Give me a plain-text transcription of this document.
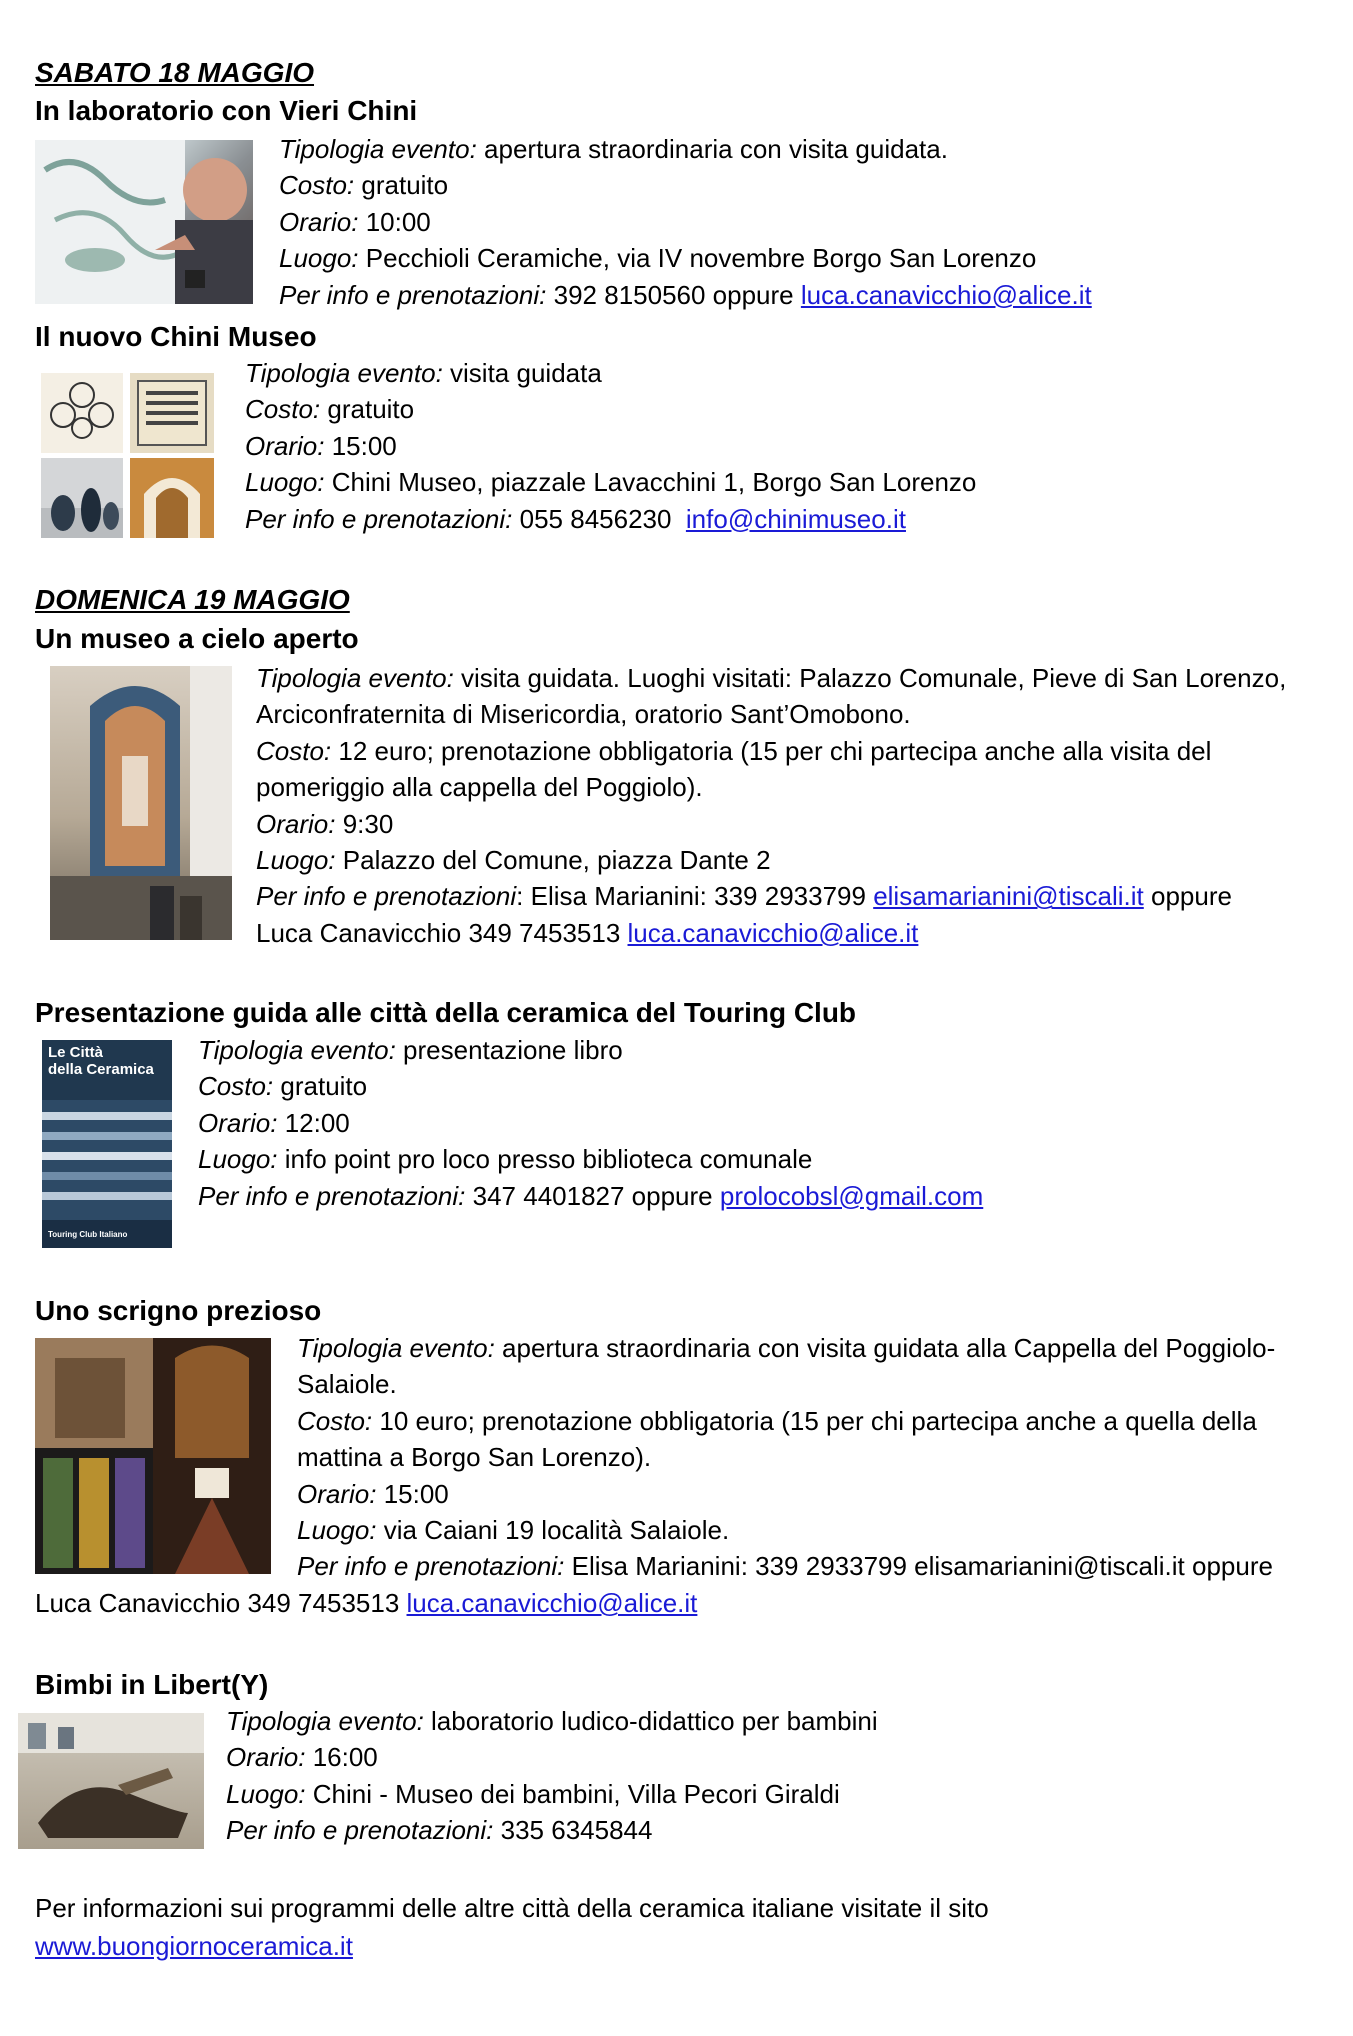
SABATO 18 MAGGIO
In laboratorio con Vieri Chini
Tipologia evento: apertura straordinaria con visita guidata.
Costo: gratuito
Orario: 10:00
Luogo: Pecchioli Ceramiche, via IV novembre Borgo San Lorenzo
Per info e prenotazioni: 392 8150560 oppure luca.canavicchio@alice.it
Il nuovo Chini Museo
Tipologia evento: visita guidata
Costo: gratuito
Orario: 15:00
Luogo: Chini Museo, piazzale Lavacchini 1, Borgo San Lorenzo
Per info e prenotazioni: 055 8456230 info@chinimuseo.it
DOMENICA 19 MAGGIO
Un museo a cielo aperto
Tipologia evento: visita guidata. Luoghi visitati: Palazzo Comunale, Pieve di San Lorenzo,
Arciconfraternita di Misericordia, oratorio Sant’Omobono.
Costo: 12 euro; prenotazione obbligatoria (15 per chi partecipa anche alla visita del
pomeriggio alla cappella del Poggiolo).
Orario: 9:30
Luogo: Palazzo del Comune, piazza Dante 2
Per info e prenotazioni: Elisa Marianini: 339 2933799 elisamarianini@tiscali.it oppure
Luca Canavicchio 349 7453513 luca.canavicchio@alice.it
Presentazione guida alle città della ceramica del Touring Club
Le Città
della Ceramica
Touring Club Italiano
Tipologia evento: presentazione libro
Costo: gratuito
Orario: 12:00
Luogo: info point pro loco presso biblioteca comunale
Per info e prenotazioni: 347 4401827 oppure prolocobsl@gmail.com
Uno scrigno prezioso
Tipologia evento: apertura straordinaria con visita guidata alla Cappella del Poggiolo-
Salaiole.
Costo: 10 euro; prenotazione obbligatoria (15 per chi partecipa anche a quella della
mattina a Borgo San Lorenzo).
Orario: 15:00
Luogo: via Caiani 19 località Salaiole.
Per info e prenotazioni: Elisa Marianini: 339 2933799 elisamarianini@tiscali.it oppure
Luca Canavicchio 349 7453513 luca.canavicchio@alice.it
Bimbi in Libert(Y)
Tipologia evento: laboratorio ludico-didattico per bambini
Orario: 16:00
Luogo: Chini - Museo dei bambini, Villa Pecori Giraldi
Per info e prenotazioni: 335 6345844
Per informazioni sui programmi delle altre città della ceramica italiane visitate il sito
www.buongiornoceramica.it
